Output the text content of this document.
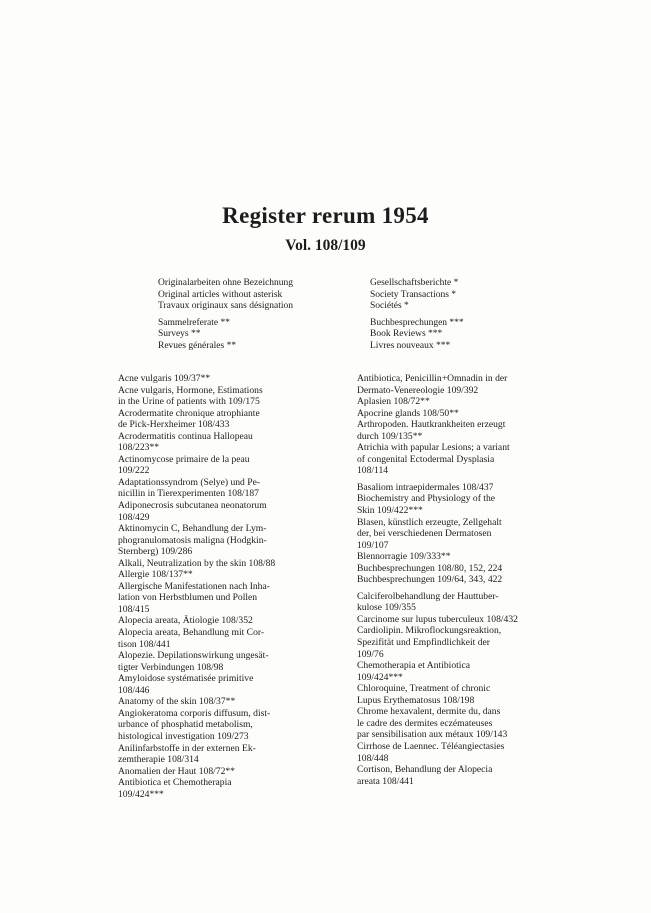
Register rerum 1954
Vol. 108/109
Originalarbeiten ohne Bezeichnung
Original articles without asterisk
Travaux originaux sans désignation
Sammelreferate **
Surveys **
Revues générales **
Gesellschaftsberichte *
Society Transactions *
Sociétés *
Buchbesprechungen ***
Book Reviews ***
Livres nouveaux ***
Acne vulgaris 109/37**
Acne vulgaris, Hormone, Estimations
in the Urine of patients with 109/175
Acrodermatite chronique atrophiante
de Pick-Herxheimer 108/433
Acrodermatitis continua Hallopeau
108/223**
Actinomycose primaire de la peau
109/222
Adaptationssyndrom (Selye) und Pe-
nicillin in Tierexperimenten 108/187
Adiponecrosis subcutanea neonatorum
108/429
Aktinomycin C, Behandlung der Lym-
phogranulomatosis maligna (Hodgkin-
Sternberg) 109/286
Alkali, Neutralization by the skin 108/88
Allergie 108/137**
Allergische Manifestationen nach Inha-
lation von Herbstblumen und Pollen
108/415
Alopecia areata, Ätiologie 108/352
Alopecia areata, Behandlung mit Cor-
tison 108/441
Alopezie. Depilationswirkung ungesät-
tigter Verbindungen 108/98
Amyloidose systématisée primitive
108/446
Anatomy of the skin 108/37**
Angiokeratoma corporis diffusum, dist-
urbance of phosphatid metabolism,
histological investigation 109/273
Anilinfarbstoffe in der externen Ek-
zemtherapie 108/314
Anomalien der Haut 108/72**
Antibiotica et Chemotherapia
109/424***
Antibiotica, Penicillin+Omnadin in der
Dermato-Venereologie 109/392
Aplasien 108/72**
Apocrine glands 108/50**
Arthropoden. Hautkrankheiten erzeugt
durch 109/135**
Atrichia with papular Lesions; a variant
of congenital Ectodermal Dysplasia
108/114
Basaliom intraepidermales 108/437
Biochemistry and Physiology of the
Skin 109/422***
Blasen, künstlich erzeugte, Zellgehalt
der, bei verschiedenen Dermatosen
109/107
Blennorragie 109/333**
Buchbesprechungen 108/80, 152, 224
Buchbesprechungen 109/64, 343, 422
Calciferolbehandlung der Hauttuber-
kulose 109/355
Carcinome sur lupus tuberculeux 108/432
Cardiolipin. Mikroflockungsreaktion,
Spezifität und Empfindlichkeit der
109/76
Chemotherapia et Antibiotica
109/424***
Chloroquine, Treatment of chronic
Lupus Erythematosus 108/198
Chrome hexavalent, dermite du, dans
le cadre des dermites eczémateuses
par sensibilisation aux métaux 109/143
Cirrhose de Laennec. Téléangiectasies
108/448
Cortison, Behandlung der Alopecia
areata 108/441
